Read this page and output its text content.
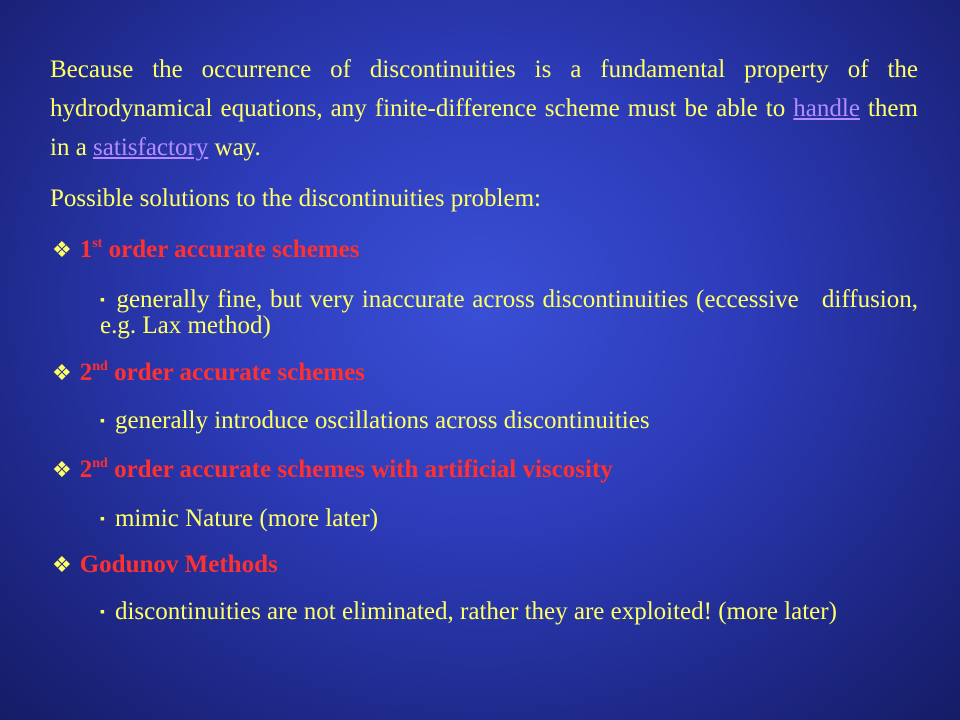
Because the occurrence of discontinuities is a fundamental property of the hydrodynamical equations, any finite-difference scheme must be able to handle them in a satisfactory way.
Possible solutions to the discontinuities problem:
❖ 1st order accurate schemes
▪ generally fine, but very inaccurate across discontinuities (eccessive   diffusion, e.g. Lax method)
❖ 2nd order accurate schemes
▪ generally introduce oscillations across discontinuities
❖ 2nd order accurate schemes with artificial viscosity
▪ mimic Nature (more later)
❖ Godunov Methods
▪ discontinuities are not eliminated, rather they are exploited! (more later)
